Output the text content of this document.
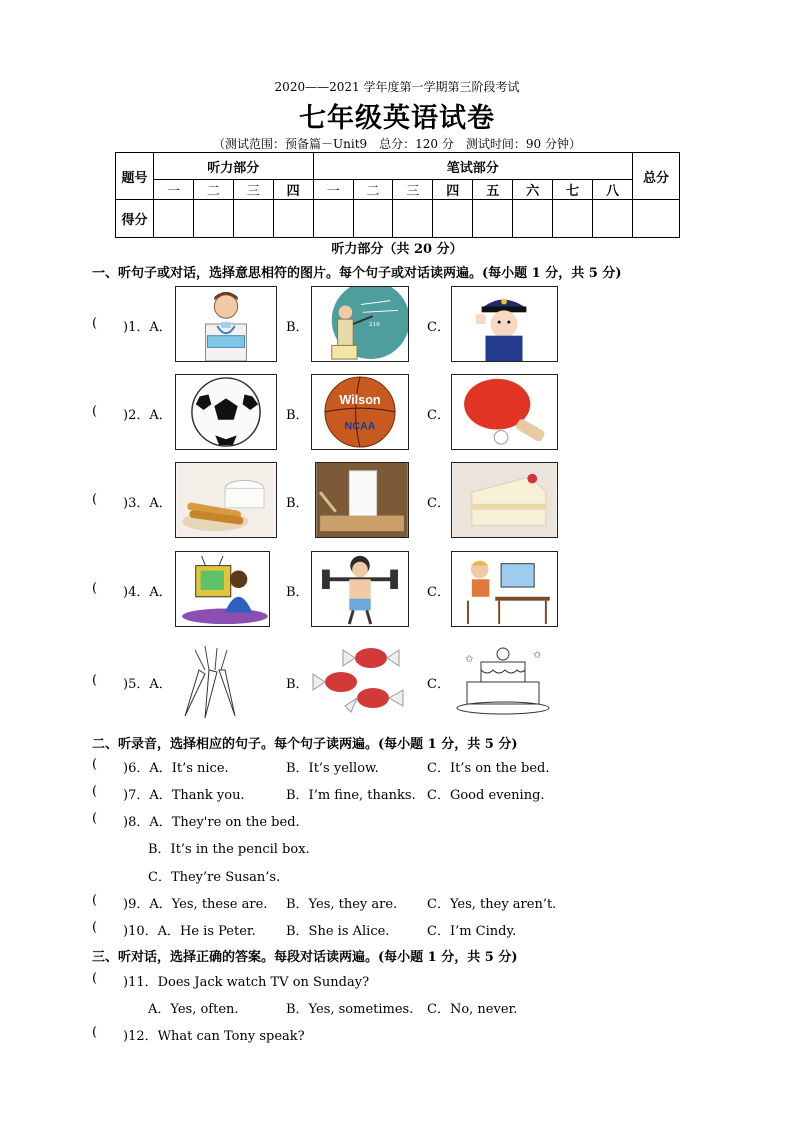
2020——2021 学年度第一学期第三阶段考试
七年级英语试卷
（测试范围：预备篇－Unit9　总分：120 分　测试时间：90 分钟）
题号	听力部分				笔试部分								总分
	一	二	三	四	一	二	三	四	五	六	七	八	
得分													
听力部分（共 20 分）
一、听句子或对话，选择意思相符的图片。每个句子或对话读两遍。(每小题 1 分，共 5 分)
( )1．A．	B．	216	C．
( )2．A．	B．
Wilson
NCAA
C．
( )3．A．	B．	C．
( )4．A．	B．	C．
( )5．A．	B．	C．
✩	✩
二、听录音，选择相应的句子。每个句子读两遍。(每小题 1 分，共 5 分)
( )6．A．It’s nice.	B．It’s yellow.	C．It’s on the bed.
( )7．A．Thank you.	B．I’m fine, thanks. C．Good evening.
( )8．A．They're on the bed.
B．It’s in the pencil box.
C．They’re Susan’s.
( )9．A．Yes, these are. B．Yes, they are. C．Yes, they aren’t.
( )10．A．He is Peter. B．She is Alice.	C．I’m Cindy.
三、听对话，选择正确的答案。每段对话读两遍。(每小题 1 分，共 5 分)
( )11．Does Jack watch TV on Sunday?
A．Yes, often.	B．Yes, sometimes. C．No, never.
( )12．What can Tony speak?
